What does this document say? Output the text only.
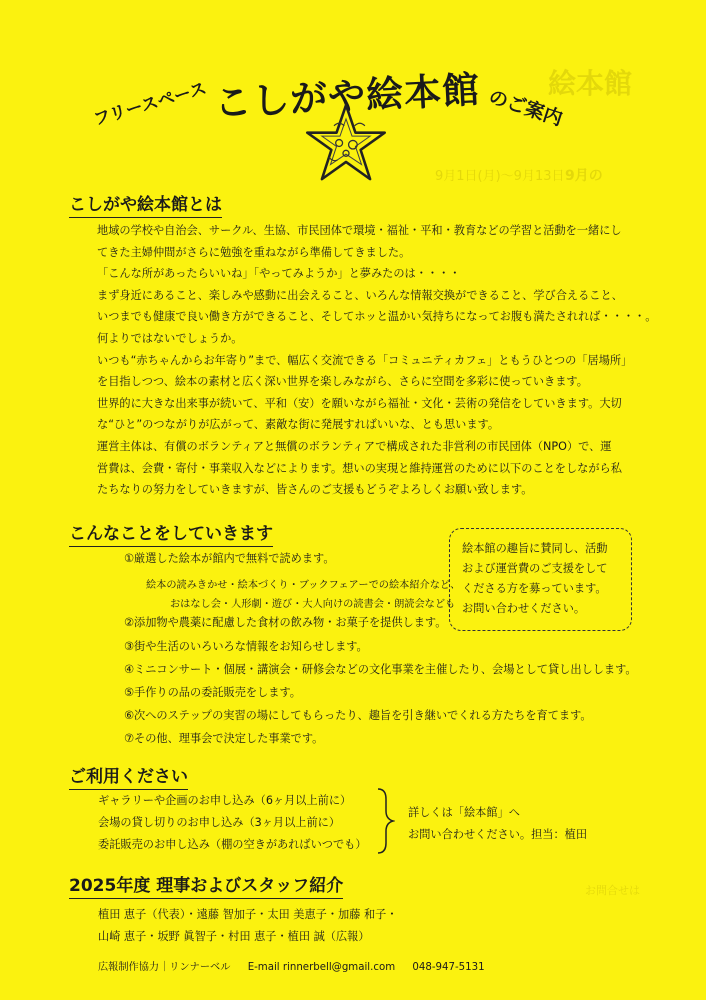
絵本館
9月の
9月1日(月)～9月13日
お問合せは
フリースペース こしがや絵本館 のご案内
こしがや絵本館とは

地域の学校や自治会、サークル、生協、市民団体で環境・福祉・平和・教育などの学習と活動を一緒にし

てきた主婦仲間がさらに勉強を重ねながら準備してきました。

「こんな所があったらいいね」「やってみようか」と夢みたのは・・・・

まず身近にあること、楽しみや感動に出会えること、いろんな情報交換ができること、学び合えること、

いつまでも健康で良い働き方ができること、そしてホッと温かい気持ちになってお腹も満たされれば・・・・。

何よりではないでしょうか。

いつも“赤ちゃんからお年寄り”まで、幅広く交流できる「コミュニティカフェ」ともうひとつの「居場所」

を目指しつつ、絵本の素材と広く深い世界を楽しみながら、さらに空間を多彩に使っていきます。

世界的に大きな出来事が続いて、平和（安）を願いながら福祉・文化・芸術の発信をしていきます。大切

な“ひと”のつながりが広がって、素敵な街に発展すればいいな、とも思います。

運営主体は、有償のボランティアと無償のボランティアで構成された非営利の市民団体（NPO）で、運

営費は、会費・寄付・事業収入などによります。想いの実現と維持運営のために以下のことをしながら私

たちなりの努力をしていきますが、皆さんのご支援もどうぞよろしくお願い致します。

こんなことをしていきます
①厳選した絵本が館内で無料で読めます。
絵本の読みきかせ・絵本づくり・ブックフェアーでの絵本紹介など、
おはなし会・人形劇・遊び・大人向けの読書会・朗読会なども
②添加物や農薬に配慮した食材の飲み物・お菓子を提供します。
③街や生活のいろいろな情報をお知らせします。
④ミニコンサート・個展・講演会・研修会などの文化事業を主催したり、会場として貸し出しします。
⑤手作りの品の委託販売をします。
⑥次へのステップの実習の場にしてもらったり、趣旨を引き継いでくれる方たちを育てます。
⑦その他、理事会で決定した事業です。
絵本館の趣旨に賛同し、活動
および運営費のご支援をして
くださる方を募っています。
お問い合わせください。
ご利用ください
ギャラリーや企画のお申し込み（6ヶ月以上前に）
会場の貸し切りのお申し込み（3ヶ月以上前に）
委託販売のお申し込み（棚の空きがあればいつでも）
詳しくは「絵本館」へ
お問い合わせください。担当：植田
2025年度 理事およびスタッフ紹介
植田 恵子（代表）・遠藤 智加子・太田 美恵子・加藤 和子・
山崎 恵子・坂野 眞智子・村田 恵子・植田 誠（広報）
広報制作協力｜リンナーベル E-mail rinnerbell@gmail.com 048-947-5131
